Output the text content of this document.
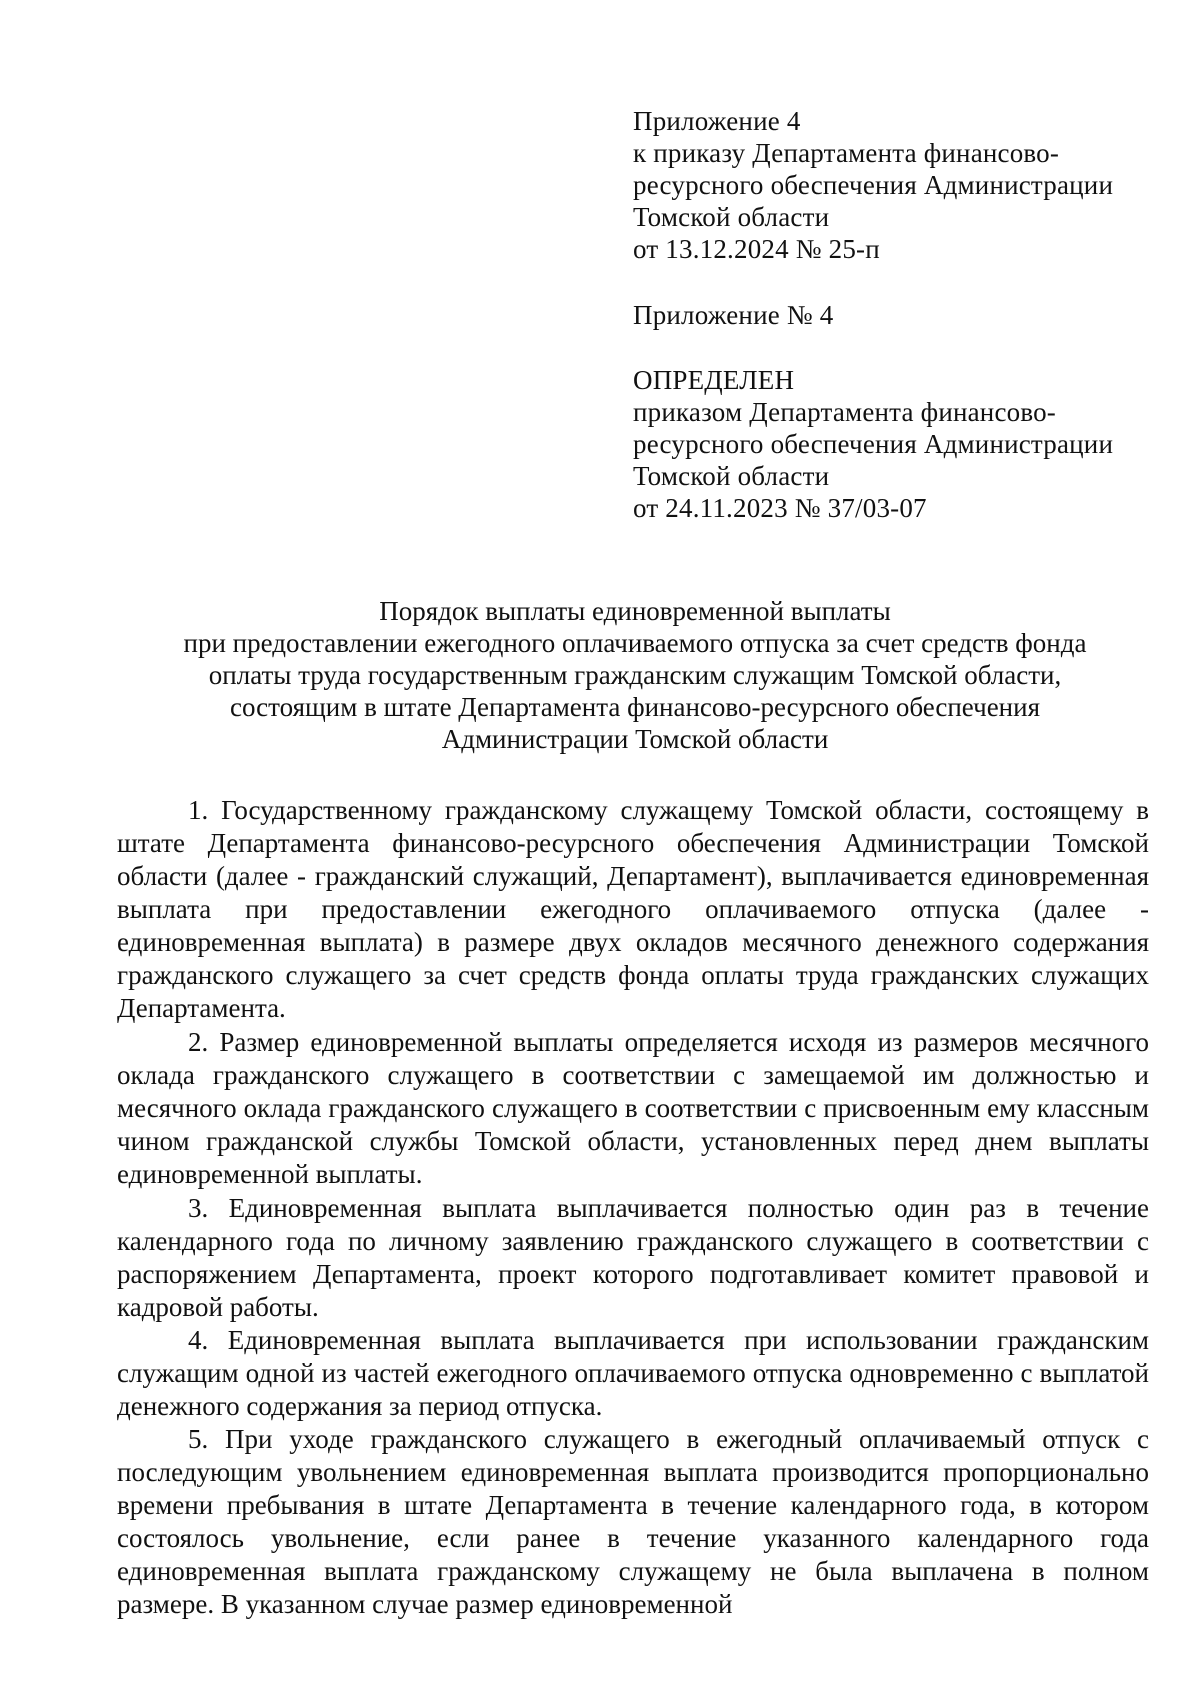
Приложение 4
к приказу Департамента финансово-
ресурсного обеспечения Администрации
Томской области
от 13.12.2024 № 25-п
Приложение № 4
ОПРЕДЕЛЕН
приказом Департамента финансово-
ресурсного обеспечения Администрации
Томской области
от 24.11.2023 № 37/03-07
Порядок выплаты единовременной выплаты
при предоставлении ежегодного оплачиваемого отпуска за счет средств фонда
оплаты труда государственным гражданским служащим Томской области,
состоящим в штате Департамента финансово-ресурсного обеспечения
Администрации Томской области

1. Государственному гражданскому служащему Томской области, состоящему в штате Департамента финансово-ресурсного обеспечения Администрации Томской области (далее - гражданский служащий, Департамент), выплачивается единовременная выплата при предоставлении ежегодного оплачиваемого отпуска (далее - единовременная выплата) в размере двух окладов месячного денежного содержания гражданского служащего за счет средств фонда оплаты труда гражданских служащих Департамента.

2. Размер единовременной выплаты определяется исходя из размеров месячного оклада гражданского служащего в соответствии с замещаемой им должностью и месячного оклада гражданского служащего в соответствии с присвоенным ему классным чином гражданской службы Томской области, установленных перед днем выплаты единовременной выплаты.

3. Единовременная выплата выплачивается полностью один раз в течение календарного года по личному заявлению гражданского служащего в соответствии с распоряжением Департамента, проект которого подготавливает комитет правовой и кадровой работы.

4. Единовременная выплата выплачивается при использовании гражданским служащим одной из частей ежегодного оплачиваемого отпуска одновременно с выплатой денежного содержания за период отпуска.

5. При уходе гражданского служащего в ежегодный оплачиваемый отпуск с последующим увольнением единовременная выплата производится пропорционально времени пребывания в штате Департамента в течение календарного года, в котором состоялось увольнение, если ранее в течение указанного календарного года единовременная выплата гражданскому служащему не была выплачена в полном размере. В указанном случае размер единовременной
